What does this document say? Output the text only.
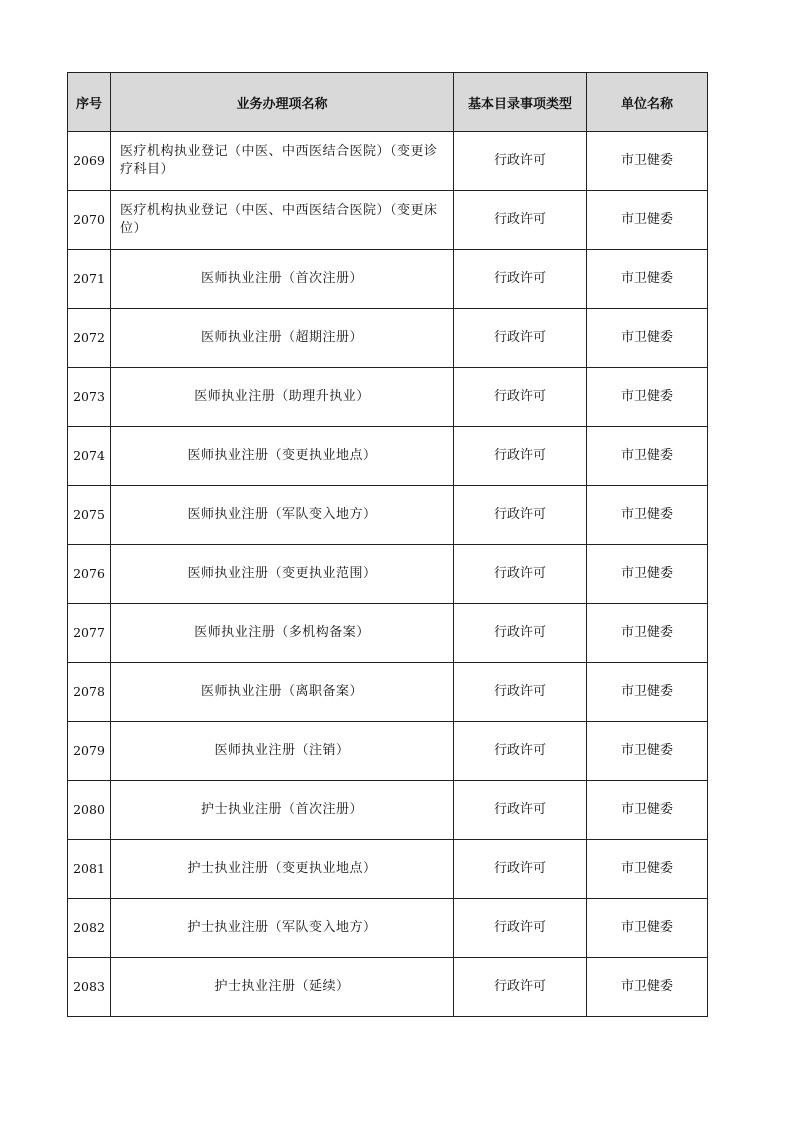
序号	业务办理项名称	基本目录事项类型	单位名称
2069	医疗机构执业登记（中医、中西医结合医院）（变更诊疗科目）	行政许可	市卫健委
2070	医疗机构执业登记（中医、中西医结合医院）（变更床位）	行政许可	市卫健委
2071	医师执业注册（首次注册）	行政许可	市卫健委
2072	医师执业注册（超期注册）	行政许可	市卫健委
2073	医师执业注册（助理升执业）	行政许可	市卫健委
2074	医师执业注册（变更执业地点）	行政许可	市卫健委
2075	医师执业注册（军队变入地方）	行政许可	市卫健委
2076	医师执业注册（变更执业范围）	行政许可	市卫健委
2077	医师执业注册（多机构备案）	行政许可	市卫健委
2078	医师执业注册（离职备案）	行政许可	市卫健委
2079	医师执业注册（注销）	行政许可	市卫健委
2080	护士执业注册（首次注册）	行政许可	市卫健委
2081	护士执业注册（变更执业地点）	行政许可	市卫健委
2082	护士执业注册（军队变入地方）	行政许可	市卫健委
2083	护士执业注册（延续）	行政许可	市卫健委
